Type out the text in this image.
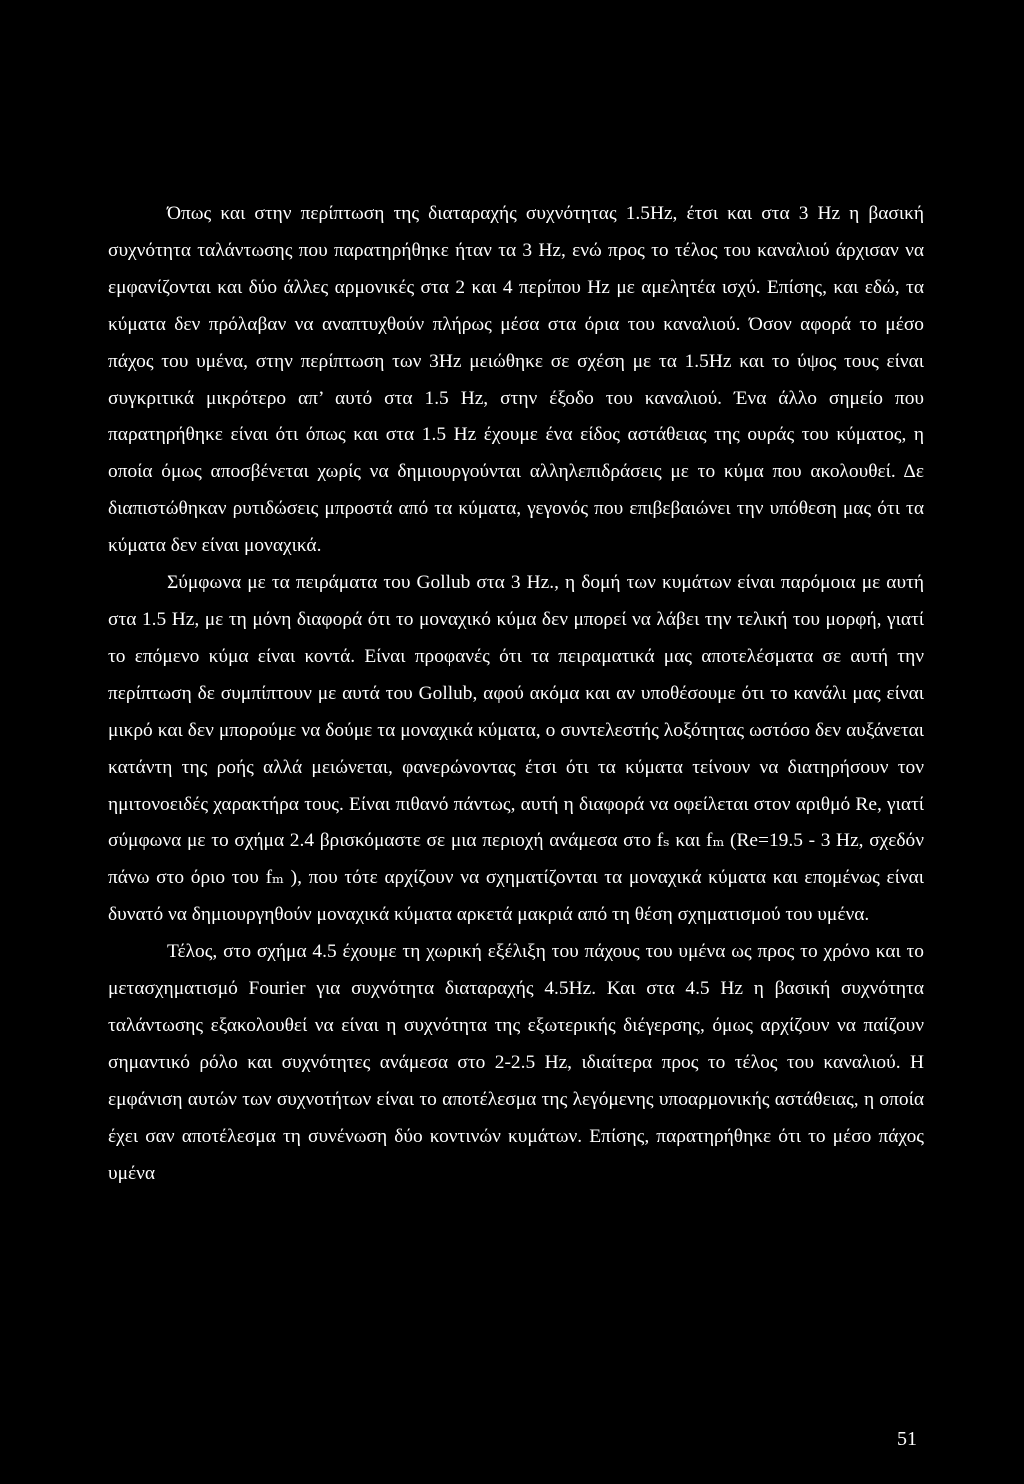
Όπως και στην περίπτωση της διαταραχής συχνότητας 1.5Hz, έτσι και στα 3 Hz η βασική συχνότητα ταλάντωσης που παρατηρήθηκε ήταν τα 3 Hz, ενώ προς το τέλος του καναλιού άρχισαν να εμφανίζονται και δύο άλλες αρμονικές στα 2 και 4 περίπου Hz με αμελητέα ισχύ. Επίσης, και εδώ, τα κύματα δεν πρόλαβαν να αναπτυχθούν πλήρως μέσα στα όρια του καναλιού. Όσον αφορά το μέσο πάχος του υμένα, στην περίπτωση των 3Hz μειώθηκε σε σχέση με τα 1.5Hz και το ύψος τους είναι συγκριτικά μικρότερο απ’ αυτό στα 1.5 Hz, στην έξοδο του καναλιού. Ένα άλλο σημείο που παρατηρήθηκε είναι ότι όπως και στα 1.5 Hz έχουμε ένα είδος αστάθειας της ουράς του κύματος, η οποία όμως αποσβένεται χωρίς να δημιουργούνται αλληλεπιδράσεις με το κύμα που ακολουθεί. Δε διαπιστώθηκαν ρυτιδώσεις μπροστά από τα κύματα, γεγονός που επιβεβαιώνει την υπόθεση μας ότι τα κύματα δεν είναι μοναχικά.

Σύμφωνα με τα πειράματα του Gollub στα 3 Hz., η δομή των κυμάτων είναι παρόμοια με αυτή στα 1.5 Hz, με τη μόνη διαφορά ότι το μοναχικό κύμα δεν μπορεί να λάβει την τελική του μορφή, γιατί το επόμενο κύμα είναι κοντά. Είναι προφανές ότι τα πειραματικά μας αποτελέσματα σε αυτή την περίπτωση δε συμπίπτουν με αυτά του Gollub, αφού ακόμα και αν υποθέσουμε ότι το κανάλι μας είναι μικρό και δεν μπορούμε να δούμε τα μοναχικά κύματα, ο συντελεστής λοξότητας ωστόσο δεν αυξάνεται κατάντη της ροής αλλά μειώνεται, φανερώνοντας έτσι ότι τα κύματα τείνουν να διατηρήσουν τον ημιτονοειδές χαρακτήρα τους. Είναι πιθανό πάντως, αυτή η διαφορά να οφείλεται στον αριθμό Re, γιατί σύμφωνα με το σχήμα 2.4 βρισκόμαστε σε μια περιοχή ανάμεσα στο fₛ και fₘ (Re=19.5 - 3 Hz, σχεδόν πάνω στο όριο του fₘ ), που τότε αρχίζουν να σχηματίζονται τα μοναχικά κύματα και επομένως είναι δυνατό να δημιουργηθούν μοναχικά κύματα αρκετά μακριά από τη θέση σχηματισμού του υμένα.

Τέλος, στο σχήμα 4.5 έχουμε τη χωρική εξέλιξη του πάχους του υμένα ως προς το χρόνο και το μετασχηματισμό Fourier για συχνότητα διαταραχής 4.5Hz. Και στα 4.5 Hz η βασική συχνότητα ταλάντωσης εξακολουθεί να είναι η συχνότητα της εξωτερικής διέγερσης, όμως αρχίζουν να παίζουν σημαντικό ρόλο και συχνότητες ανάμεσα στο 2-2.5 Hz, ιδιαίτερα προς το τέλος του καναλιού. Η εμφάνιση αυτών των συχνοτήτων είναι το αποτέλεσμα της λεγόμενης υποαρμονικής αστάθειας, η οποία έχει σαν αποτέλεσμα τη συνένωση δύο κοντινών κυμάτων. Επίσης, παρατηρήθηκε ότι το μέσο πάχος υμένα

51
